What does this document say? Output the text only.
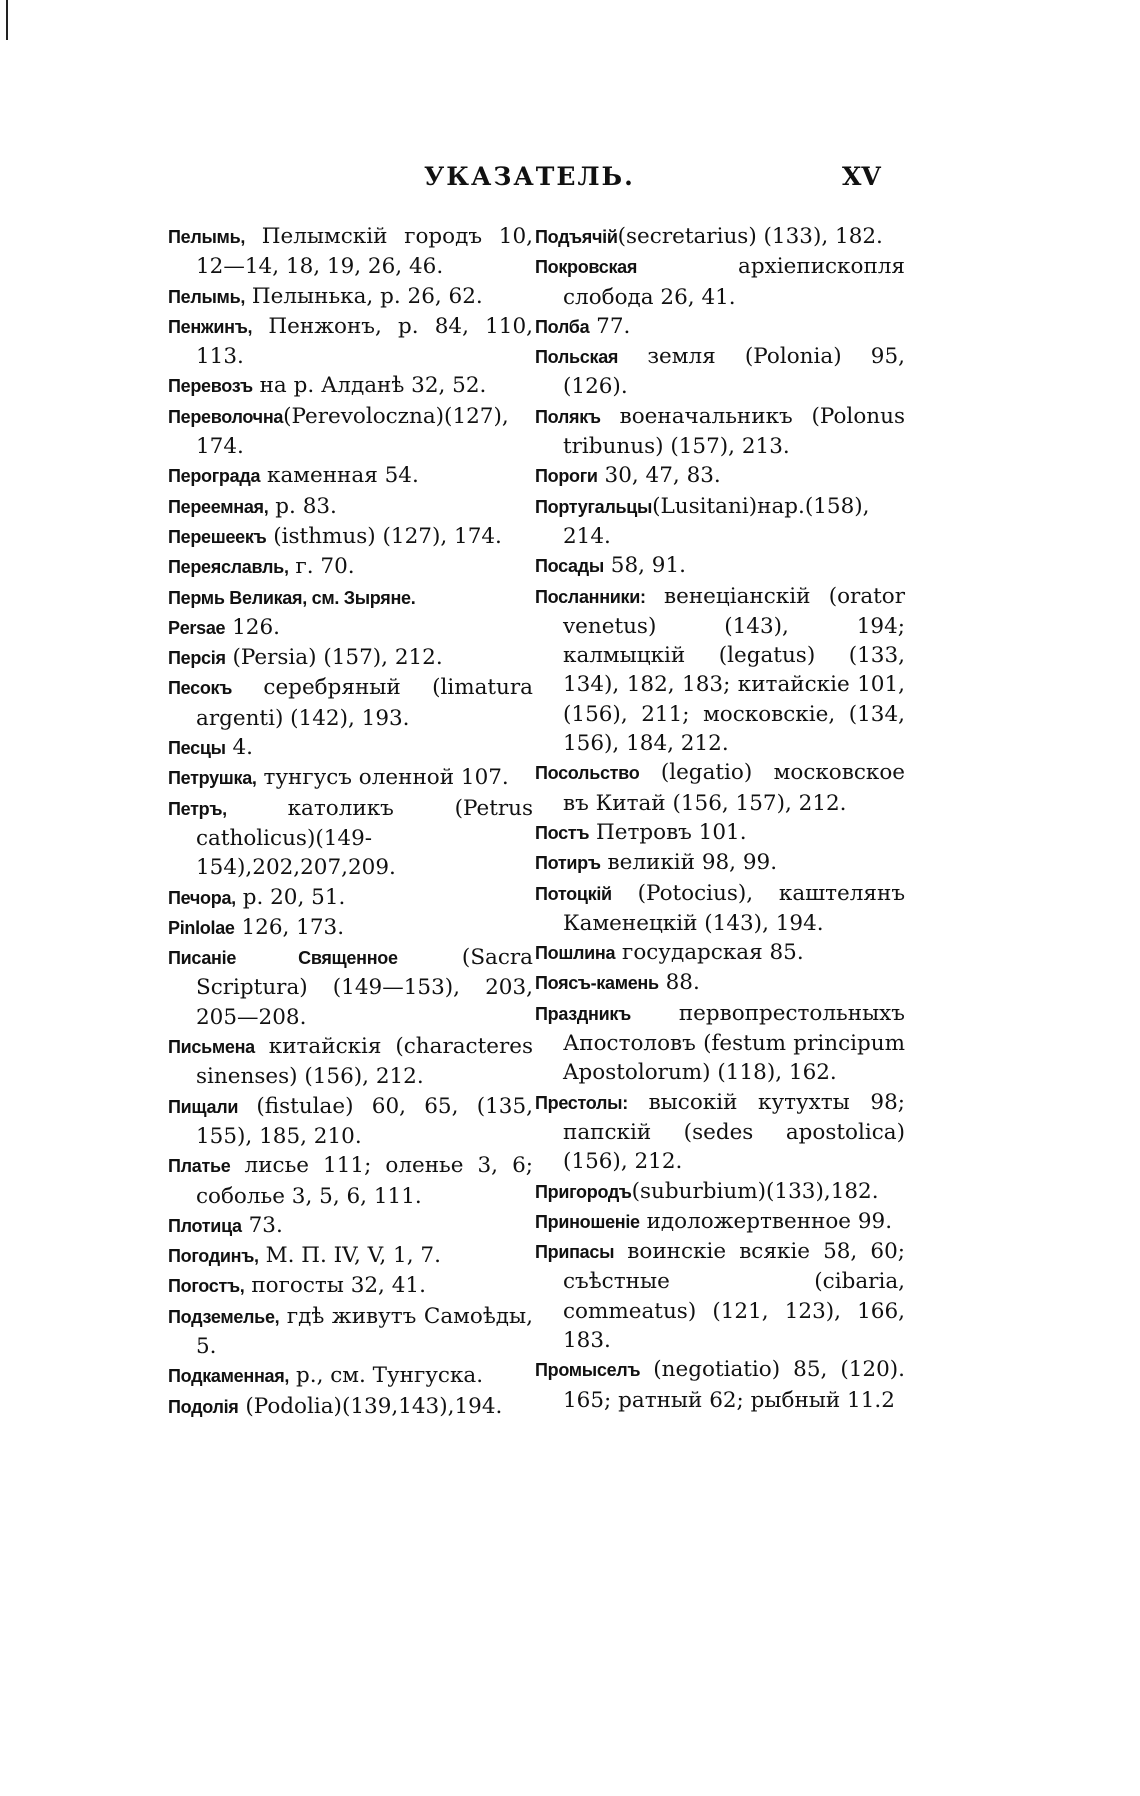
УКАЗАТЕЛЬ.	XV

Пелымь, Пелымскій городъ 10, 12—14, 18, 19, 26, 46.

Пелымь, Пелынька, р. 26, 62.

Пенжинъ, Пенжонъ, р. 84, 110, 113.

Перевозъ на р. Алданѣ 32, 52.

Переволочна(Perevoloczna)(127), 174.

Перограда каменная 54.

Переемная, р. 83.

Перешеекъ (isthmus) (127), 174.

Переяславль, г. 70.

Пермь Великая, см. Зыряне.

Persae 126.

Персія (Persia) (157), 212.

Песокъ серебряный (limatura argenti) (142), 193.

Песцы 4.

Петрушка, тунгусъ оленной 107.

Петръ, католикъ (Petrus catholicus)(149-154),202,207,209.

Печора, р. 20, 51.

Pinlolae 126, 173.

Писаніе Священное (Sacra Scriptura) (149—153), 203, 205—208.

Письмена китайскія (characteres sinenses) (156), 212.

Пищали (fistulae) 60, 65, (135, 155), 185, 210.

Платье лисье 111; оленье 3, 6; соболье 3, 5, 6, 111.

Плотица 73.

Погодинъ, М. П. IV, V, 1, 7.

Погостъ, погосты 32, 41.

Подземелье, гдѣ живутъ Самоѣды, 5.

Подкаменная, р., см. Тунгуска.

Подолія (Podolia)(139,143),194.

Подъячій(secretarius) (133), 182.

Покровская архіепископля слобода 26, 41.

Полба 77.

Польская земля (Polonia) 95, (126).

Полякъ военачальникъ (Polonus tribunus) (157), 213.

Пороги 30, 47, 83.

Португальцы(Lusitani)нар.(158), 214.

Посады 58, 91.

Посланники: венеціанскій (orator venetus) (143), 194; калмыцкій (legatus) (133, 134), 182, 183; китайскіе 101, (156), 211; московскіе, (134, 156), 184, 212.

Посольство (legatio) московское въ Китай (156, 157), 212.

Постъ Петровъ 101.

Потиръ великій 98, 99.

Потоцкій (Potocius), каштелянъ Каменецкій (143), 194.

Пошлина государская 85.

Поясъ-камень 88.

Праздникъ первопрестольныхъ Апостоловъ (festum principum Apostolorum) (118), 162.

Престолы: высокій кутухты 98; папскій (sedes apostolica) (156), 212.

Пригородъ(suburbium)(133),182.

Приношеніе идоложертвенное 99.

Припасы воинскіе всякіе 58, 60; съѣстные (cibaria, commeatus) (121, 123), 166, 183.

Промыселъ (negotiatio) 85, (120). 165; ратный 62; рыбный 11.2
